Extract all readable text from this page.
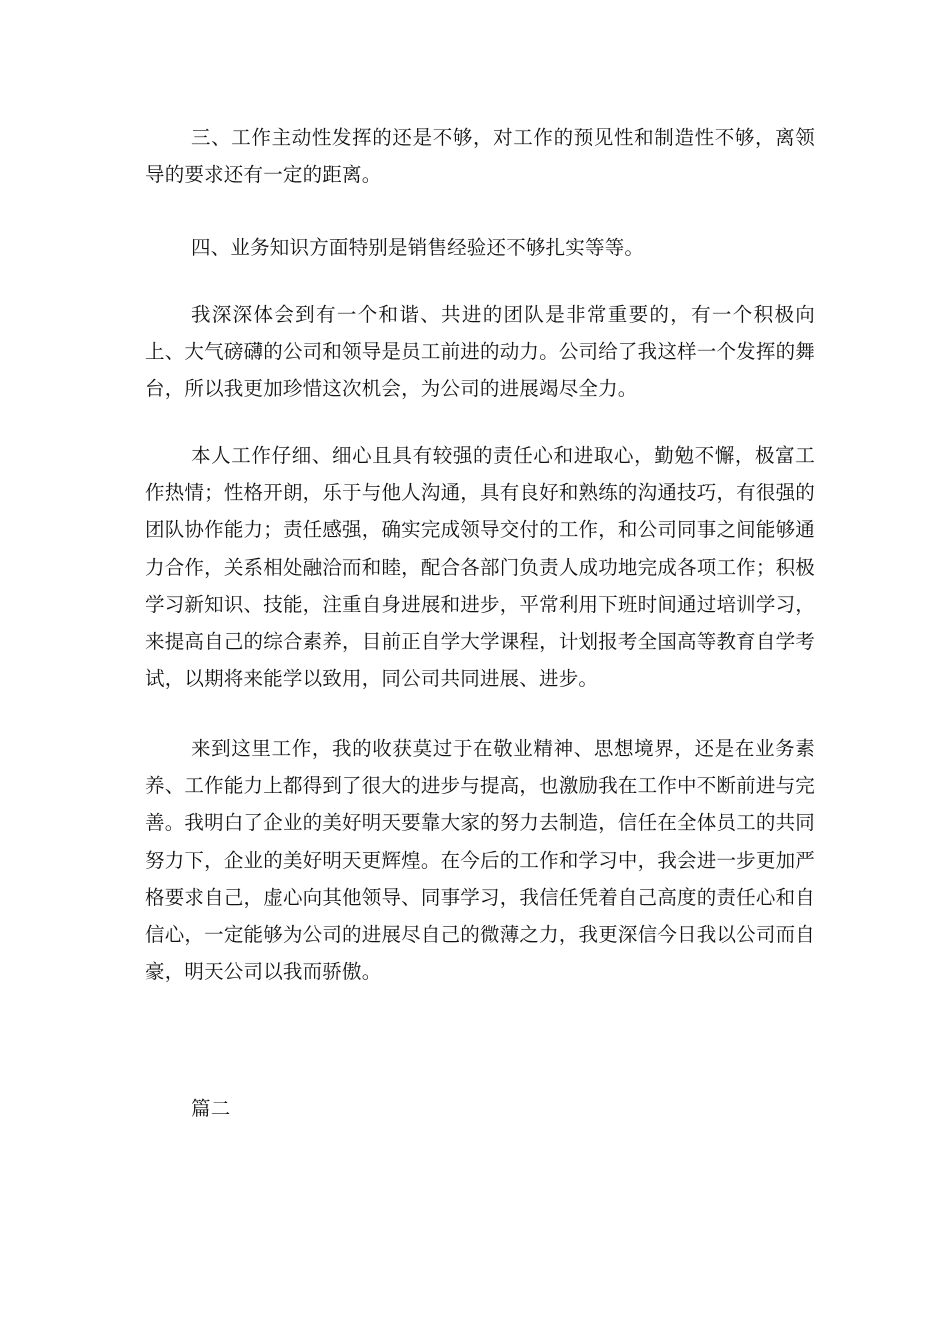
三、工作主动性发挥的还是不够，对工作的预见性和制造性不够，离领导的要求还有一定的距离。

四、业务知识方面特别是销售经验还不够扎实等等。

我深深体会到有一个和谐、共进的团队是非常重要的，有一个积极向上、大气磅礴的公司和领导是员工前进的动力。公司给了我这样一个发挥的舞台，所以我更加珍惜这次机会，为公司的进展竭尽全力。

本人工作仔细、细心且具有较强的责任心和进取心，勤勉不懈，极富工作热情；性格开朗，乐于与他人沟通，具有良好和熟练的沟通技巧，有很强的团队协作能力；责任感强，确实完成领导交付的工作，和公司同事之间能够通力合作，关系相处融洽而和睦，配合各部门负责人成功地完成各项工作；积极学习新知识、技能，注重自身进展和进步，平常利用下班时间通过培训学习，来提高自己的综合素养，目前正自学大学课程，计划报考全国高等教育自学考试，以期将来能学以致用，同公司共同进展、进步。

来到这里工作，我的收获莫过于在敬业精神、思想境界，还是在业务素养、工作能力上都得到了很大的进步与提高，也激励我在工作中不断前进与完善。我明白了企业的美好明天要靠大家的努力去制造，信任在全体员工的共同努力下，企业的美好明天更辉煌。在今后的工作和学习中，我会进一步更加严格要求自己，虚心向其他领导、同事学习，我信任凭着自己高度的责任心和自信心，一定能够为公司的进展尽自己的微薄之力，我更深信今日我以公司而自豪，明天公司以我而骄傲。

篇二
